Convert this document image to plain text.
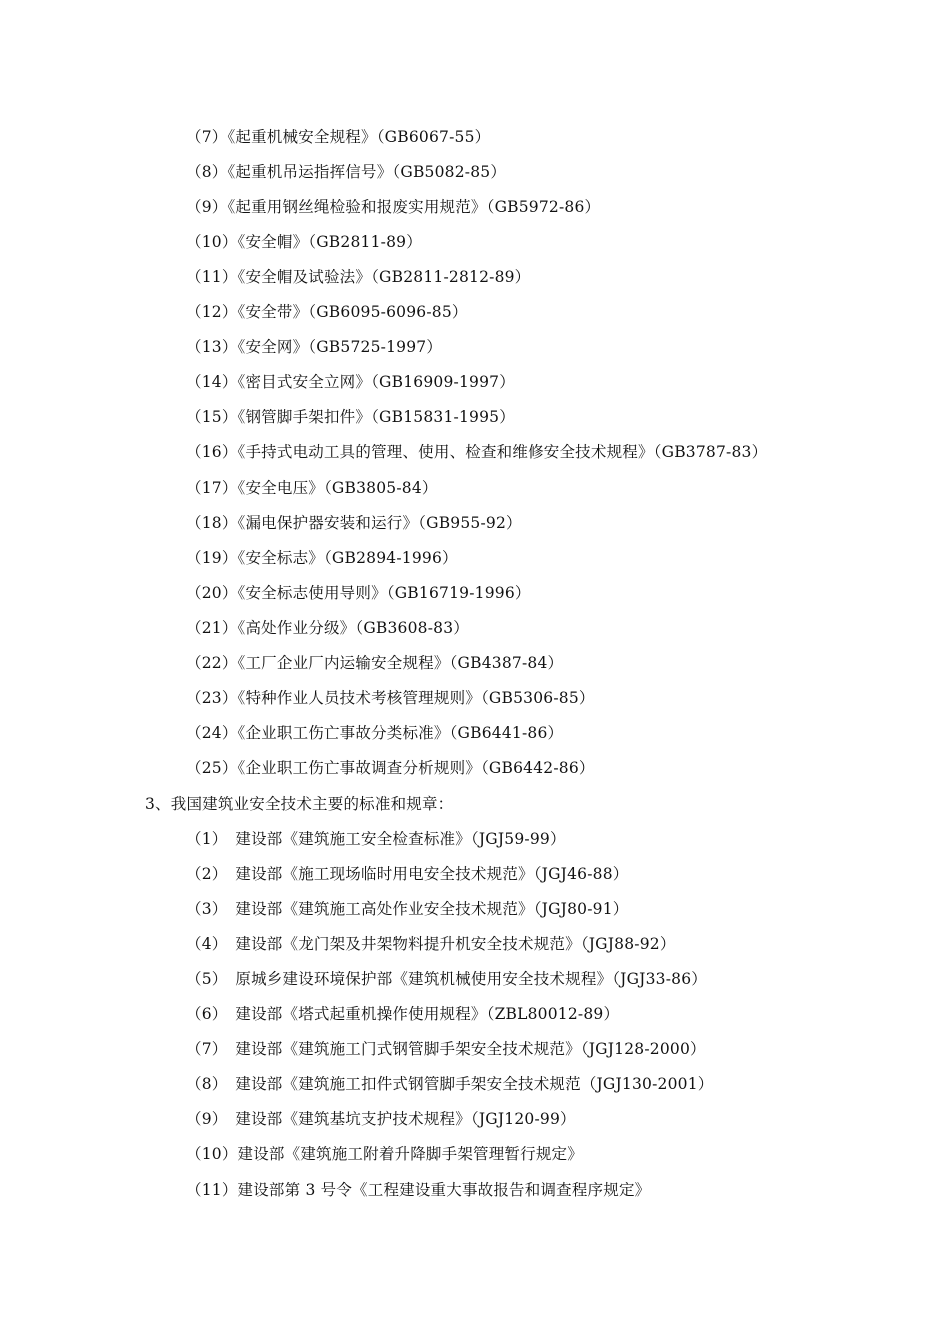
（7）《起重机械安全规程》（GB6067-55）
（8）《起重机吊运指挥信号》（GB5082-85）
（9）《起重用钢丝绳检验和报废实用规范》（GB5972-86）
（10）《安全帽》（GB2811-89）
（11）《安全帽及试验法》（GB2811-2812-89）
（12）《安全带》（GB6095-6096-85）
（13）《安全网》（GB5725-1997）
（14）《密目式安全立网》（GB16909-1997）
（15）《钢管脚手架扣件》（GB15831-1995）
（16）《手持式电动工具的管理、使用、检查和维修安全技术规程》（GB3787-83）
（17）《安全电压》（GB3805-84）
（18）《漏电保护器安装和运行》（GB955-92）
（19）《安全标志》（GB2894-1996）
（20）《安全标志使用导则》（GB16719-1996）
（21）《高处作业分级》（GB3608-83）
（22）《工厂企业厂内运输安全规程》（GB4387-84）
（23）《特种作业人员技术考核管理规则》（GB5306-85）
（24）《企业职工伤亡事故分类标准》（GB6441-86）
（25）《企业职工伤亡事故调查分析规则》（GB6442-86）
3、我国建筑业安全技术主要的标准和规章：
（1）　建设部《建筑施工安全检查标准》（JGJ59-99）
（2）　建设部《施工现场临时用电安全技术规范》（JGJ46-88）
（3）　建设部《建筑施工高处作业安全技术规范》（JGJ80-91）
（4）　建设部《龙门架及井架物料提升机安全技术规范》（JGJ88-92）
（5）　原城乡建设环境保护部《建筑机械使用安全技术规程》（JGJ33-86）
（6）　建设部《塔式起重机操作使用规程》（ZBL80012-89）
（7）　建设部《建筑施工门式钢管脚手架安全技术规范》（JGJ128-2000）
（8）　建设部《建筑施工扣件式钢管脚手架安全技术规范（JGJ130-2001）
（9）　建设部《建筑基坑支护技术规程》（JGJ120-99）
（10）建设部《建筑施工附着升降脚手架管理暂行规定》
（11）建设部第 3 号令《工程建设重大事故报告和调查程序规定》
